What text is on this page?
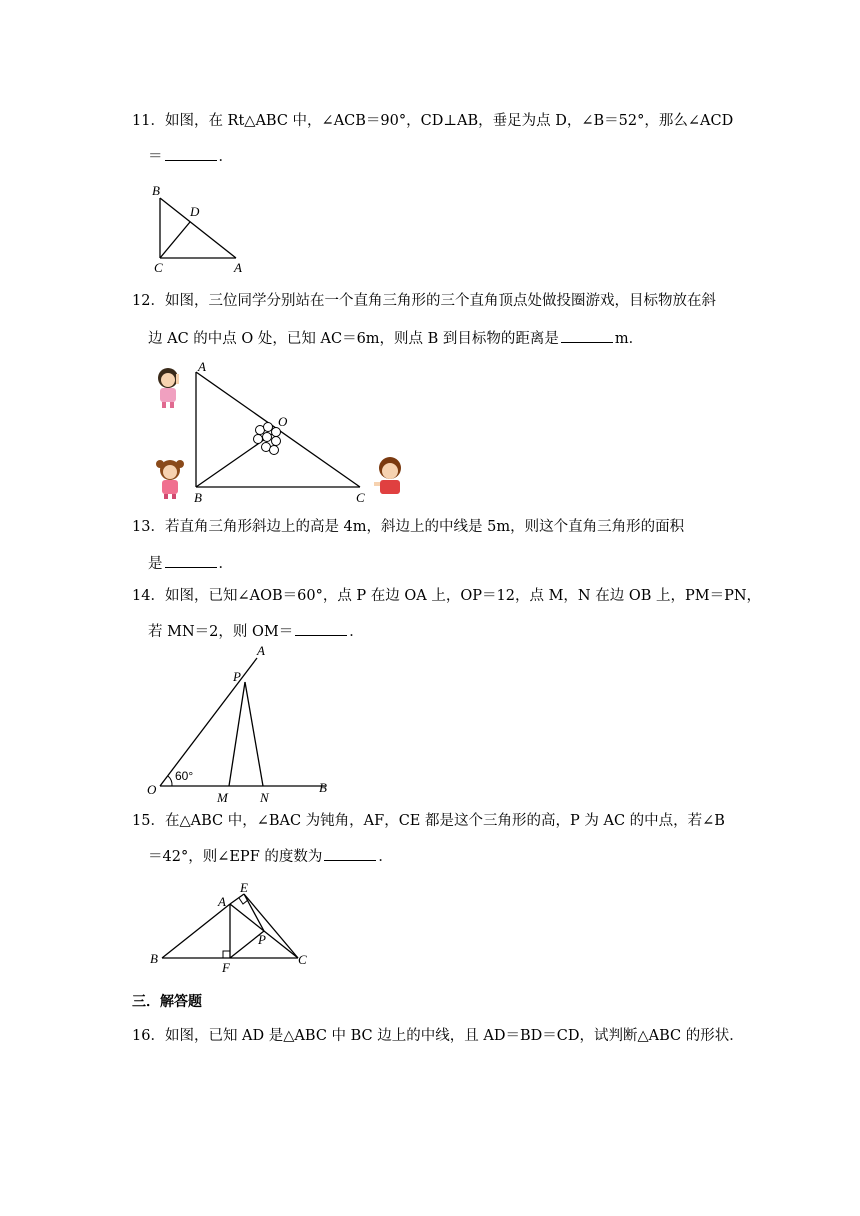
11．如图，在 Rt△ABC 中，∠ACB＝90°，CD⊥AB，垂足为点 D，∠B＝52°，那么∠ACD
＝	．
B
D
C	A
12．如图，三位同学分别站在一个直角三角形的三个直角顶点处做投圈游戏，目标物放在斜
边 AC 的中点 O 处，已知 AC＝6m，则点 B 到目标物的距离是	m．
A
O
B	C
13．若直角三角形斜边上的高是 4m，斜边上的中线是 5m，则这个直角三角形的面积
是	．
14．如图，已知∠AOB＝60°，点 P 在边 OA 上，OP＝12，点 M，N 在边 OB 上，PM＝PN，
若 MN＝2，则 OM＝	．
A
P
O
60°
M N
B
15．在△ABC 中，∠BAC 为钝角，AF，CE 都是这个三角形的高，P 为 AC 的中点，若∠B
＝42°，则∠EPF 的度数为	．
E
A
P
B
F
C
三．解答题
16．如图，已知 AD 是△ABC 中 BC 边上的中线，且 AD＝BD＝CD，试判断△ABC 的形状．
